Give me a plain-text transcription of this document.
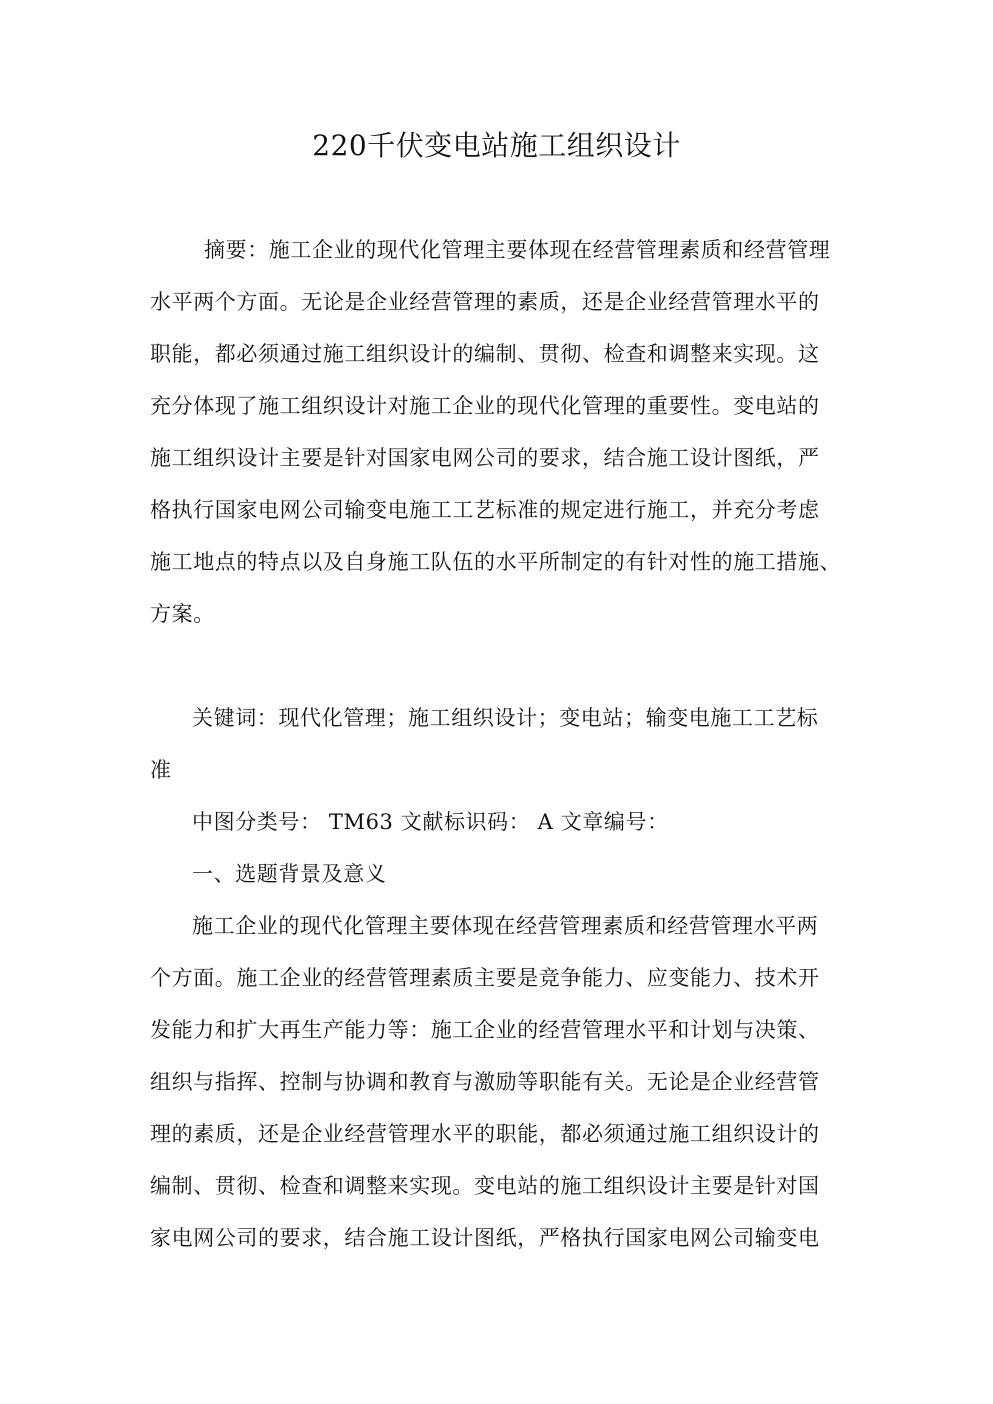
220千伏变电站施工组织设计
摘要：施工企业的现代化管理主要体现在经营管理素质和经营管理
水平两个方面。无论是企业经营管理的素质，还是企业经营管理水平的
职能，都必须通过施工组织设计的编制、贯彻、检查和调整来实现。这
充分体现了施工组织设计对施工企业的现代化管理的重要性。变电站的
施工组织设计主要是针对国家电网公司的要求，结合施工设计图纸，严
格执行国家电网公司输变电施工工艺标准的规定进行施工，并充分考虑
施工地点的特点以及自身施工队伍的水平所制定的有针对性的施工措施、
方案。
关键词：现代化管理；施工组织设计；变电站；输变电施工工艺标
准
中图分类号： TM63 文献标识码： A 文章编号：
一、选题背景及意义
施工企业的现代化管理主要体现在经营管理素质和经营管理水平两
个方面。施工企业的经营管理素质主要是竞争能力、应变能力、技术开
发能力和扩大再生产能力等：施工企业的经营管理水平和计划与决策、
组织与指挥、控制与协调和教育与激励等职能有关。无论是企业经营管
理的素质，还是企业经营管理水平的职能，都必须通过施工组织设计的
编制、贯彻、检查和调整来实现。变电站的施工组织设计主要是针对国
家电网公司的要求，结合施工设计图纸，严格执行国家电网公司输变电
